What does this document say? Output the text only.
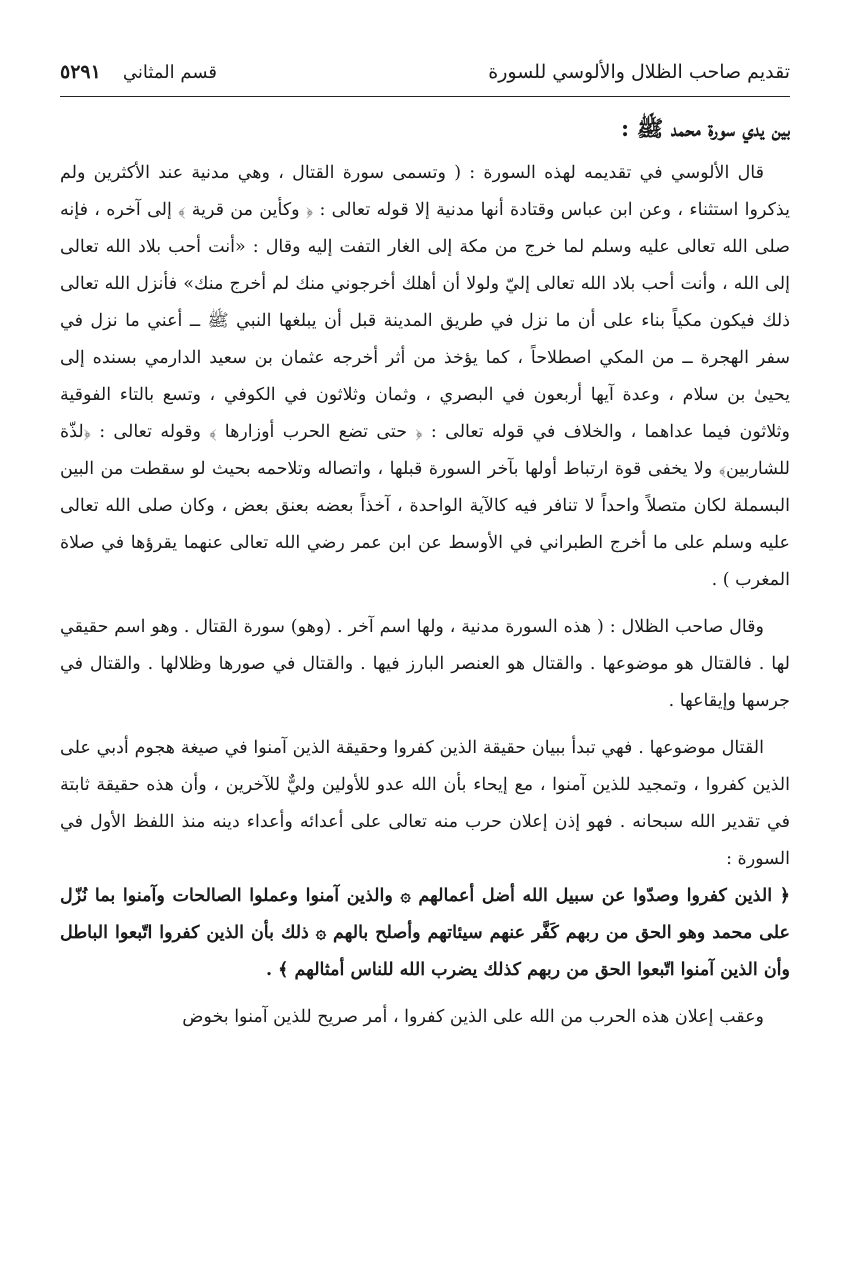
تقديم صاحب الظلال والألوسي للسورة
قسم المثاني
٥٢٩١
بين يدي سورة محمد ﷺ :

قال الألوسي في تقديمه لهذه السورة : ( وتسمى سورة القتال ، وهي مدنية عند الأكثرين ولم يذكروا استثناء ، وعن ابن عباس وقتادة أنها مدنية إلا قوله تعالى : ﴿ وكأين من قرية ﴾ إلى آخره ، فإنه صلى الله تعالى عليه وسلم لما خرج من مكة إلى الغار التفت إليه وقال : «أنت أحب بلاد الله تعالى إلى الله ، وأنت أحب بلاد الله تعالى إليّ ولولا أن أهلك أخرجوني منك لم أخرج منك» فأنزل الله تعالى ذلك فيكون مكياً بناء على أن ما نزل في طريق المدينة قبل أن يبلغها النبي ﷺ ــ أعني ما نزل في سفر الهجرة ــ من المكي اصطلاحاً ، كما يؤخذ من أثر أخرجه عثمان بن سعيد الدارمي بسنده إلى يحيىٰ بن سلام ، وعدة آيها أربعون في البصري ، وثمان وثلاثون في الكوفي ، وتسع بالتاء الفوقية وثلاثون فيما عداهما ، والخلاف في قوله تعالى : ﴿ حتى تضع الحرب أوزارها ﴾ وقوله تعالى : ﴿لذّة للشاربين﴾ ولا يخفى قوة ارتباط أولها بآخر السورة قبلها ، واتصاله وتلاحمه بحيث لو سقطت من البين البسملة لكان متصلاً واحداً لا تنافر فيه كالآية الواحدة ، آخذاً بعضه بعنق بعض ، وكان صلى الله تعالى عليه وسلم على ما أخرج الطبراني في الأوسط عن ابن عمر رضي الله تعالى عنهما يقرؤها في صلاة المغرب ) .

وقال صاحب الظلال : ( هذه السورة مدنية ، ولها اسم آخر . (وهو) سورة القتال . وهو اسم حقيقي لها . فالقتال هو موضوعها . والقتال هو العنصر البارز فيها . والقتال في صورها وظلالها . والقتال في جرسها وإيقاعها .

القتال موضوعها . فهي تبدأ ببيان حقيقة الذين كفروا وحقيقة الذين آمنوا في صيغة هجوم أدبي على الذين كفروا ، وتمجيد للذين آمنوا ، مع إيحاء بأن الله عدو للأولين وليٌّ للآخرين ، وأن هذه حقيقة ثابتة في تقدير الله سبحانه . فهو إذن إعلان حرب منه تعالى على أعدائه وأعداء دينه منذ اللفظ الأول في السورة :

﴿ الذين كفروا وصدّوا عن سبيل الله أضل أعمالهم ۞ والذين آمنوا وعملوا الصالحات وآمنوا بما نُزّل على محمد وهو الحق من ربهم كَفَّر عنهم سيئاتهم وأصلح بالهم ۞ ذلك بأن الذين كفروا اتّبعوا الباطل وأن الذين آمنوا اتّبعوا الحق من ربهم كذلك يضرب الله للناس أمثالهم ﴾ .

وعقب إعلان هذه الحرب من الله على الذين كفروا ، أمر صريح للذين آمنوا بخوض
